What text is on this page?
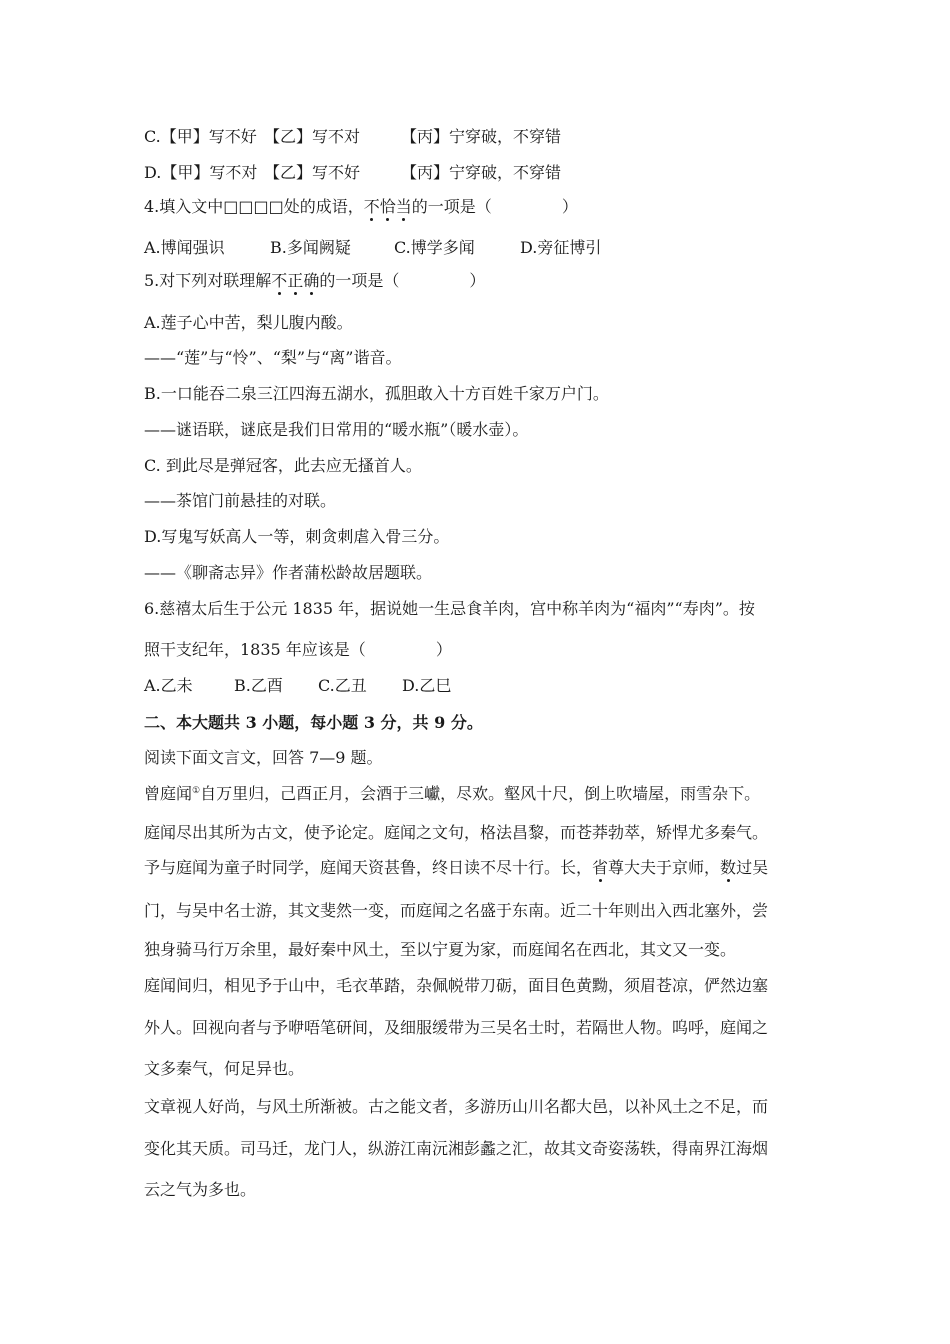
C.【甲】写不好 【乙】写不对	【丙】宁穿破，不穿错
D.【甲】写不对 【乙】写不好	【丙】宁穿破，不穿错
4.填入文中□□□□处的成语，不恰当的一项是（	）
A.博闻强识	B.多闻阙疑	C.博学多闻	D.旁征博引
5.对下列对联理解不正确的一项是（	）
A.莲子心中苦，梨儿腹内酸。
——“莲”与“怜”、“梨”与“离”谐音。
B.一口能吞二泉三江四海五湖水，孤胆敢入十方百姓千家万户门。
——谜语联，谜底是我们日常用的“暖水瓶”（暖水壶）。
C. 到此尽是弹冠客，此去应无搔首人。
——茶馆门前悬挂的对联。
D.写鬼写妖高人一等，刺贪刺虐入骨三分。
——《聊斋志异》作者蒲松龄故居题联。
6.慈禧太后生于公元 1835 年，据说她一生忌食羊肉，宫中称羊肉为“福肉”“寿肉”。按
照干支纪年，1835 年应该是（	）
A.乙未	B.乙酉 C.乙丑 D.乙巳
二、本大题共 3 小题，每小题 3 分，共 9 分。
阅读下面文言文，回答 7—9 题。
曾庭闻①自万里归，己酉正月，会酒于三巘，尽欢。壑风十尺，倒上吹墙屋，雨雪杂下。
庭闻尽出其所为古文，使予论定。庭闻之文句，格法昌黎，而苍莽勃萃，矫悍尤多秦气。
予与庭闻为童子时同学，庭闻天资甚鲁，终日读不尽十行。长，省尊大夫于京师，数过吴
门，与吴中名士游，其文斐然一变，而庭闻之名盛于东南。近二十年则出入西北塞外，尝
独身骑马行万余里，最好秦中风土，至以宁夏为家，而庭闻名在西北，其文又一变。
庭闻间归，相见予于山中，毛衣革踏，杂佩帨带刀砺，面目色黄黝，须眉苍凉，俨然边塞
外人。回视向者与予咿唔笔研间，及细服缓带为三吴名士时，若隔世人物。呜呼，庭闻之
文多秦气，何足异也。
文章视人好尚，与风土所渐被。古之能文者，多游历山川名都大邑，以补风土之不足，而
变化其天质。司马迁，龙门人，纵游江南沅湘彭蠡之汇，故其文奇姿荡轶，得南界江海烟
云之气为多也。
